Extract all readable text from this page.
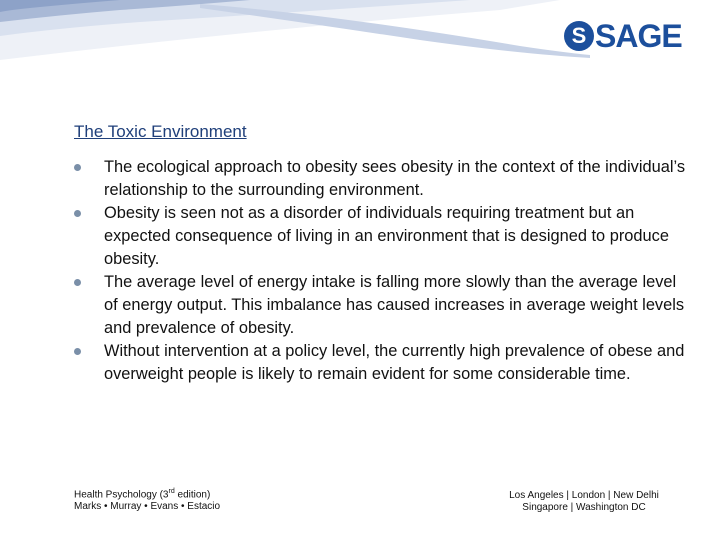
S SAGE
The Toxic Environment
The ecological approach to obesity sees obesity in the context of the individual’s relationship to the surrounding environment.
Obesity is seen not as a disorder of individuals requiring treatment but an expected consequence of living in an environment that is designed to produce obesity.
The average level of energy intake is falling more slowly than the average level of energy output. This imbalance has caused increases in average weight levels and prevalence of obesity.
Without intervention at a policy level, the currently high prevalence of obese and overweight people is likely to remain evident for some considerable time.
Health Psychology (3rd edition)
Marks • Murray • Evans • Estacio
Los Angeles | London | New Delhi
Singapore | Washington DC
